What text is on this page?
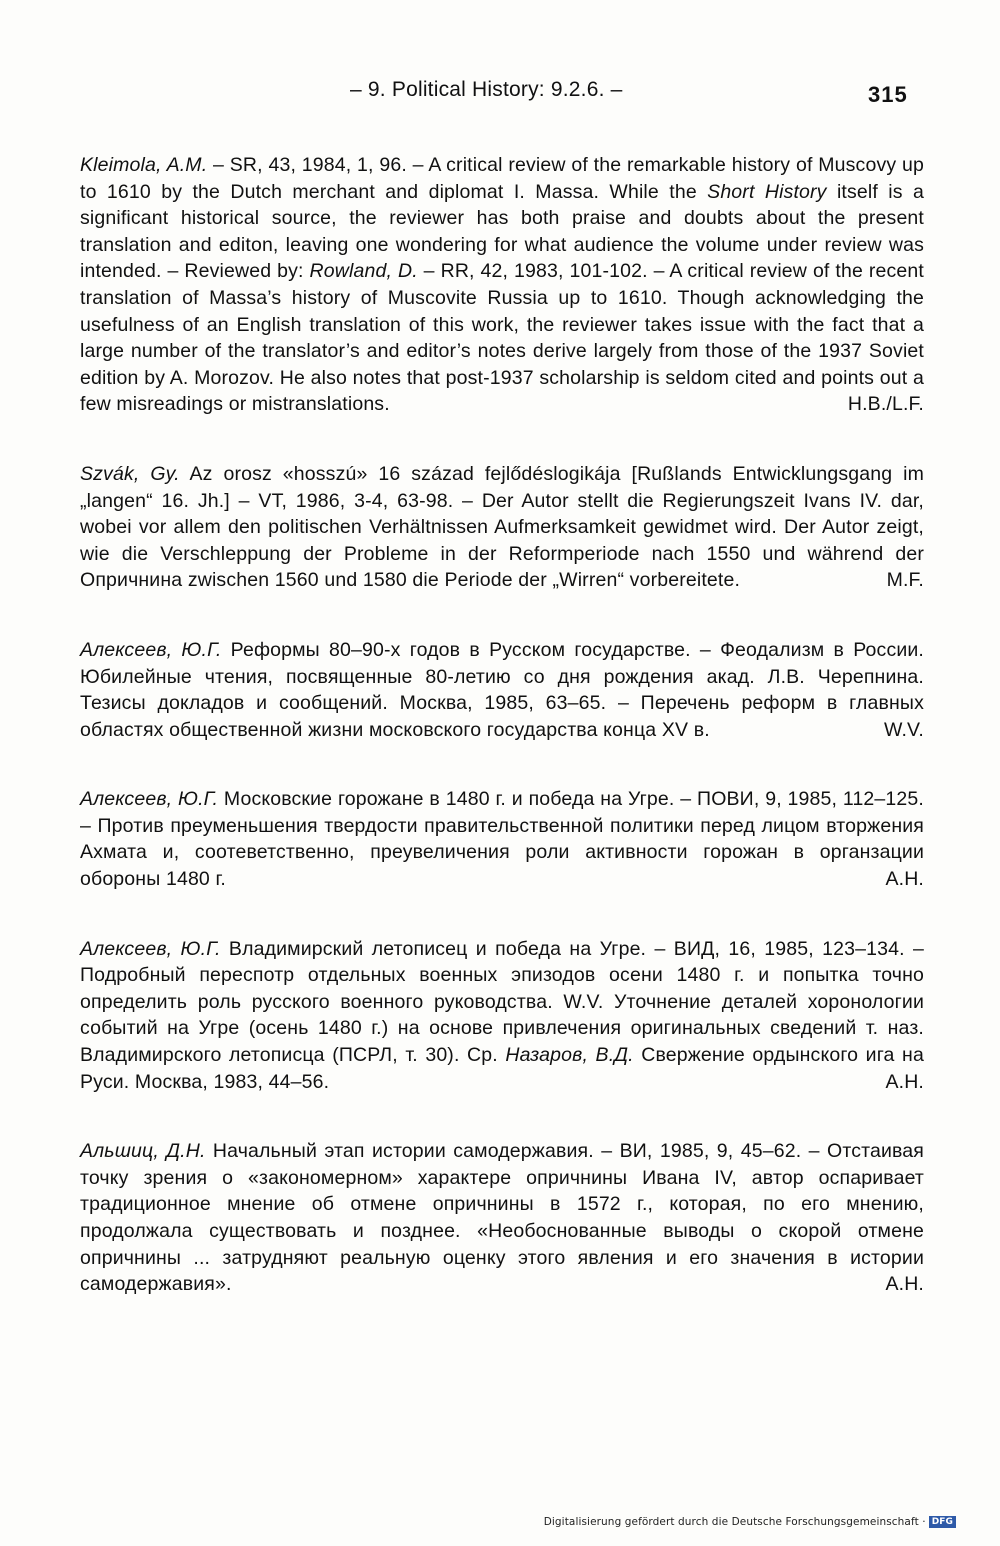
– 9. Political History: 9.2.6. –	315

Kleimola, A.M. – SR, 43, 1984, 1, 96. – A critical review of the remarkable history of Muscovy up to 1610 by the Dutch merchant and diplomat I. Massa. While the Short History itself is a significant historical source, the reviewer has both praise and doubts about the present translation and editon, leaving one wondering for what audience the volume under review was intended. – Reviewed by: Rowland, D. – RR, 42, 1983, 101-102. – A critical review of the recent translation of Massa’s history of Muscovite Russia up to 1610. Though acknowledging the usefulness of an English translation of this work, the reviewer takes issue with the fact that a large number of the translator’s and editor’s notes derive largely from those of the 1937 Soviet edition by A. Morozov. He also notes that post-1937 scholarship is seldom cited and points out a few misreadings or mistranslations.	H.B./L.F.

Szvák, Gy. Az orosz «hosszú» 16 század fejlődéslogikája [Rußlands Entwicklungsgang im „langen“ 16. Jh.] – VT, 1986, 3-4, 63-98. – Der Autor stellt die Regierungszeit Ivans IV. dar, wobei vor allem den politischen Verhältnissen Aufmerksamkeit gewidmet wird. Der Autor zeigt, wie die Verschleppung der Probleme in der Reformperiode nach 1550 und während der Опричнина zwischen 1560 und 1580 die Periode der „Wirren“ vorbereitete.	M.F.

Алексеев, Ю.Г. Реформы 80–90-х годов в Русском государстве. – Феодализм в России. Юбилейные чтения, посвященные 80-летию со дня рождения акад. Л.В. Черепнина. Тезисы докладов и сообщений. Москва, 1985, 63–65. – Перечень реформ в главных областях общественной жизни московского государства конца XV в.	W.V.

Алексеев, Ю.Г. Московские горожане в 1480 г. и победа на Угре. – ПОВИ, 9, 1985, 112–125. – Против преуменьшения твердости правительственной политики перед лицом вторжения Ахмата и, соотеветственно, преувеличения роли активности горожан в органзации обороны 1480 г.	A.H.

Алексеев, Ю.Г. Владимирский летописец и победа на Угре. – ВИД, 16, 1985, 123–134. – Подробный переспотр отдельных военных эпизодов осени 1480 г. и попытка точно определить роль русского военного руководства. W.V. Уточнение деталей хоронологии событий на Угре (осень 1480 г.) на основе привлечения оригинальных сведений т. наз. Владимирского летописца (ПСРЛ, т. 30). Ср. Назаров, В.Д. Свержение ордынского ига на Руси. Москва, 1983, 44–56.	A.H.

Альшиц, Д.Н. Начальный этап истории самодержавия. – ВИ, 1985, 9, 45–62. – Отстаивая точку зрения о «закономерном» характере опричнины Ивана IV, автор оспаривает традиционное мнение об отмене опричнины в 1572 г., которая, по его мнению, продолжала существовать и позднее. «Необоснованные выводы о скорой отмене опричнины ... затрудняют реальную оценку этого явления и его значения в истории самодержавия».	A.H.

Digitalisierung gefördert durch die Deutsche Forschungsgemeinschaft · DFG
